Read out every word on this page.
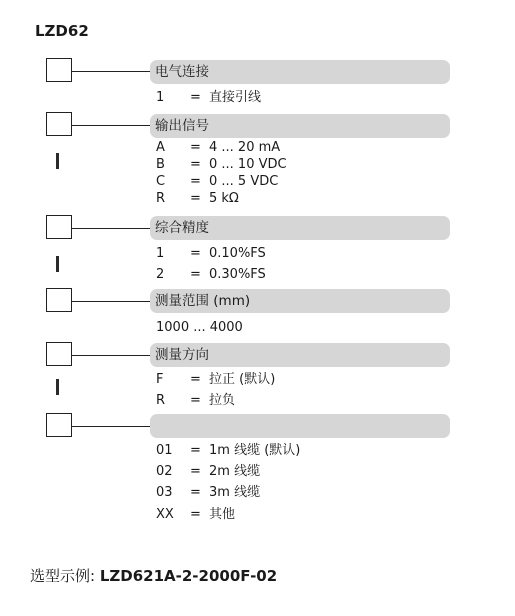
LZD62
电气连接
1 = 直接引线
输出信号
A = 4 ... 20 mA
B = 0 ... 10 VDC
C = 0 ... 5 VDC
R = 5 kΩ
综合精度
1 = 0.10%FS
2 = 0.30%FS
测量范围 (mm)
1000 ... 4000
测量方向
F = 拉正 (默认)
R = 拉负
01 = 1m 线缆 (默认)
02 = 2m 线缆
03 = 3m 线缆
XX = 其他
选型示例: LZD621A-2-2000F-02
